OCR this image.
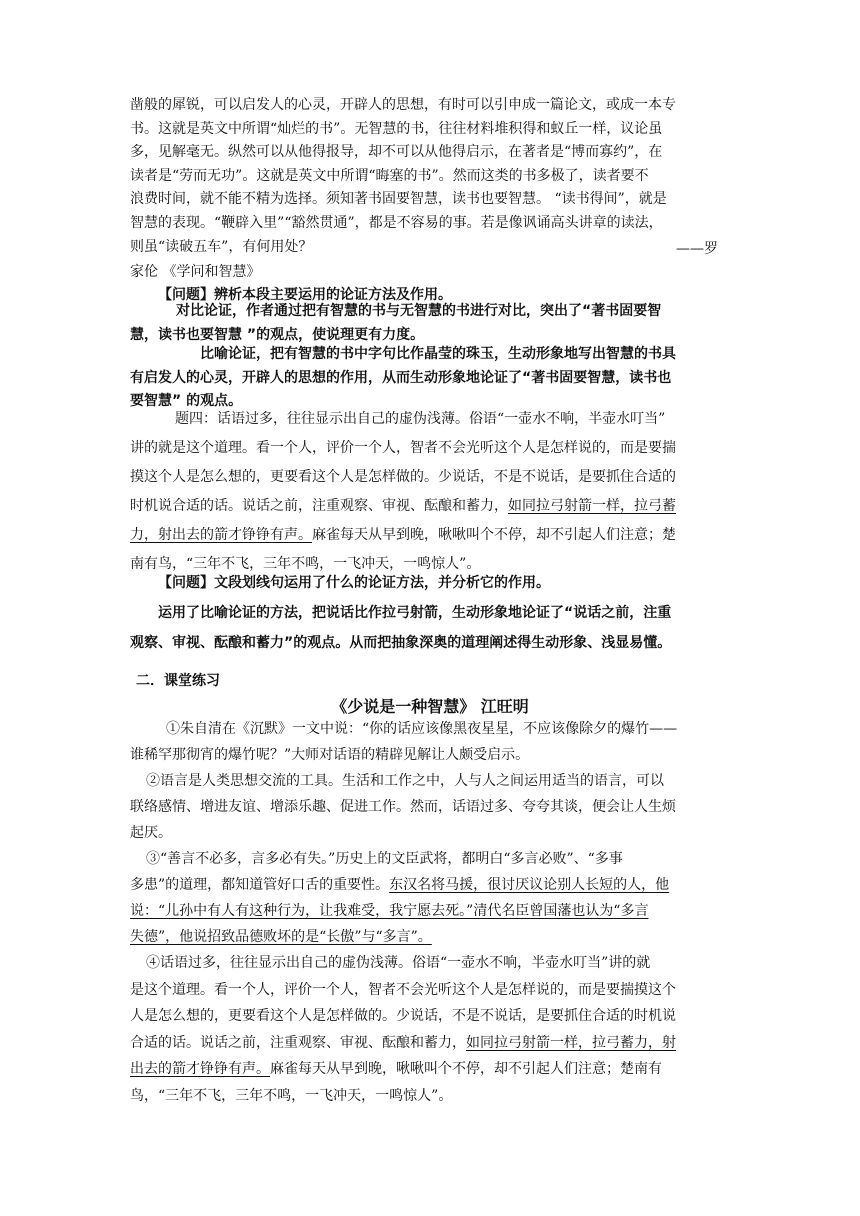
凿般的犀锐，可以启发人的心灵，开辟人的思想，有时可以引申成一篇论文，或成一本专
书。这就是英文中所谓“灿烂的书”。无智慧的书，往往材料堆积得和蚁丘一样，议论虽
多，见解毫无。纵然可以从他得报导，却不可以从他得启示，在著者是“博而寡约”，在
读者是“劳而无功”。这就是英文中所谓“晦塞的书”。然而这类的书多极了，读者要不
浪费时间，就不能不精为选择。须知著书固要智慧，读书也要智慧。 “读书得间”，就是
智慧的表现。“鞭辟入里”“豁然贯通”，都是不容易的事。若是像讽诵高头讲章的读法，
则虽“读破五车”，有何用处？	——罗
家伦 《学问和智慧》
【问题】辨析本段主要运用的论证方法及作用。
对比论证，作者通过把有智慧的书与无智慧的书进行对比，突出了“著书固要智
慧，读书也要智慧 ”的观点，使说理更有力度。
比喻论证，把有智慧的书中字句比作晶莹的珠玉，生动形象地写出智慧的书具
有启发人的心灵，开辟人的思想的作用，从而生动形象地论证了“著书固要智慧，读书也
要智慧” 的观点。
题四：话语过多，往往显示出自己的虚伪浅薄。俗语“一壶水不响，半壶水叮当”
讲的就是这个道理。看一个人，评价一个人，智者不会光听这个人是怎样说的，而是要揣
摸这个人是怎么想的，更要看这个人是怎样做的。少说话，不是不说话，是要抓住合适的
时机说合适的话。说话之前，注重观察、审视、酝酿和蓄力，如同拉弓射箭一样，拉弓蓄
力，射出去的箭才铮铮有声。麻雀每天从早到晚，啾啾叫个不停，却不引起人们注意；楚
南有鸟，“三年不飞，三年不鸣，一飞冲天，一鸣惊人”。
【问题】文段划线句运用了什么的论证方法，并分析它的作用。
运用了比喻论证的方法，把说话比作拉弓射箭，生动形象地论证了“说话之前，注重
观察、审视、酝酿和蓄力”的观点。从而把抽象深奥的道理阐述得生动形象、浅显易懂。
二．课堂练习
《少说是一种智慧》 江旺明
①朱自清在《沉默》一文中说：“你的话应该像黑夜星星，不应该像除夕的爆竹——
谁稀罕那彻宵的爆竹呢？”大师对话语的精辟见解让人颇受启示。
②语言是人类思想交流的工具。生活和工作之中，人与人之间运用适当的语言，可以
联络感情、增进友谊、增添乐趣、促进工作。然而，话语过多、夸夸其谈，便会让人生烦
起厌。
③“善言不必多，言多必有失。”历史上的文臣武将，都明白“多言必败”、“多事
多患”的道理，都知道管好口舌的重要性。东汉名将马援，很讨厌议论别人长短的人，他
说：“儿孙中有人有这种行为，让我难受，我宁愿去死。”清代名臣曾国藩也认为“多言
失德”，他说招致品德败坏的是“长傲”与“多言”。
④话语过多，往往显示出自己的虚伪浅薄。俗语“一壶水不响，半壶水叮当”讲的就
是这个道理。看一个人，评价一个人，智者不会光听这个人是怎样说的，而是要揣摸这个
人是怎么想的，更要看这个人是怎样做的。少说话，不是不说话，是要抓住合适的时机说
合适的话。说话之前，注重观察、审视、酝酿和蓄力，如同拉弓射箭一样，拉弓蓄力，射
出去的箭才铮铮有声。麻雀每天从早到晚，啾啾叫个不停，却不引起人们注意；楚南有
鸟，“三年不飞，三年不鸣，一飞冲天，一鸣惊人”。
